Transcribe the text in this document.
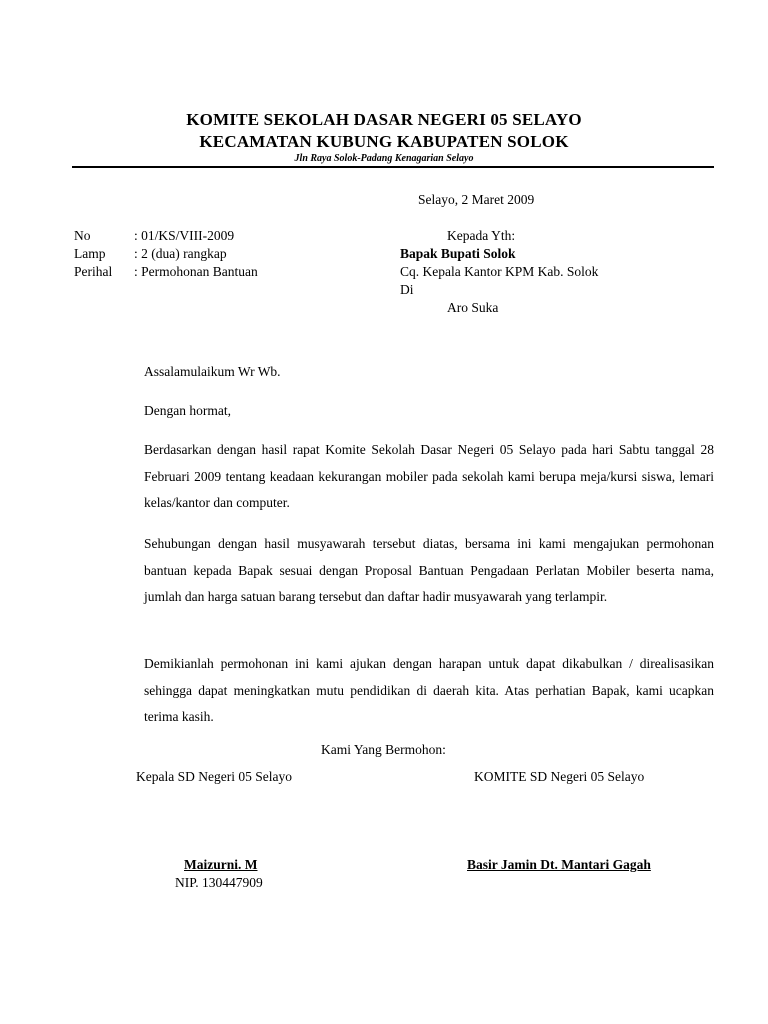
KOMITE SEKOLAH DASAR NEGERI 05 SELAYO
KECAMATAN KUBUNG KABUPATEN SOLOK
Jln Raya Solok-Padang Kenagarian Selayo
Selayo, 2 Maret 2009
No	: 01/KS/VIII-2009
Lamp : 2 (dua) rangkap
Perihal : Permohonan Bantuan
Kepada Yth:
Bapak Bupati Solok
Cq. Kepala Kantor KPM Kab. Solok
Di
Aro Suka
Assalamulaikum Wr Wb.
Dengan hormat,
Berdasarkan dengan hasil rapat Komite Sekolah Dasar Negeri 05 Selayo pada hari Sabtu tanggal 28 Februari 2009 tentang keadaan kekurangan mobiler pada sekolah kami berupa meja/kursi siswa, lemari kelas/kantor dan computer.
Sehubungan dengan hasil musyawarah tersebut diatas, bersama ini kami mengajukan permohonan bantuan kepada Bapak sesuai dengan Proposal Bantuan Pengadaan Perlatan Mobiler beserta nama, jumlah dan harga satuan barang tersebut dan daftar hadir musyawarah yang terlampir.
Demikianlah permohonan ini kami ajukan dengan harapan untuk dapat dikabulkan / direalisasikan sehingga dapat meningkatkan mutu pendidikan di daerah kita. Atas perhatian Bapak, kami ucapkan terima kasih.
Kami Yang Bermohon:
Kepala SD Negeri 05 Selayo	KOMITE SD Negeri 05 Selayo
Maizurni. M
NIP. 130447909
Basir Jamin Dt. Mantari Gagah
